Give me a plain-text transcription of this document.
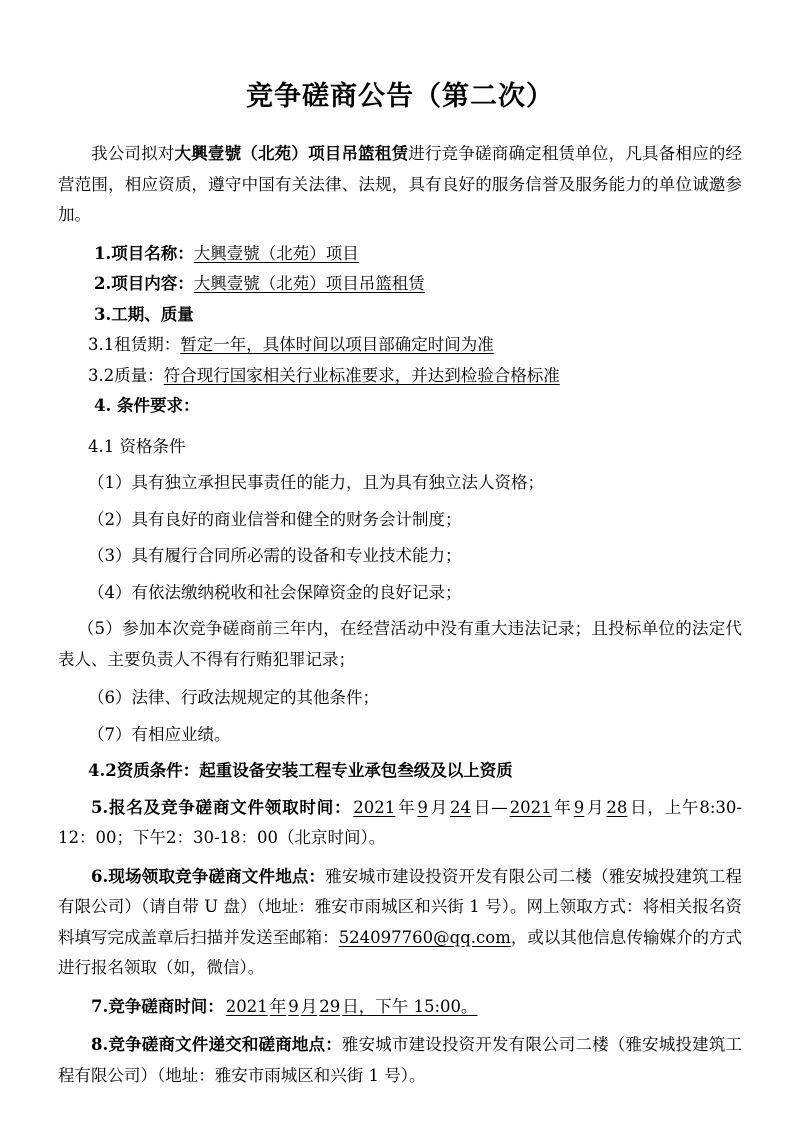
竞争磋商公告（第二次）

我公司拟对大興壹號（北苑）项目吊篮租赁进行竞争磋商确定租赁单位，凡具备相应的经营范围，相应资质，遵守中国有关法律、法规，具有良好的服务信誉及服务能力的单位诚邀参加。

1.项目名称：大興壹號（北苑）项目

2.项目内容：大興壹號（北苑）项目吊篮租赁

3.工期、质量

3.1租赁期：暂定一年，具体时间以项目部确定时间为准

3.2质量：符合现行国家相关行业标准要求，并达到检验合格标准

4. 条件要求：

4.1 资格条件

（1）具有独立承担民事责任的能力，且为具有独立法人资格；

（2）具有良好的商业信誉和健全的财务会计制度；

（3）具有履行合同所必需的设备和专业技术能力；

（4）有依法缴纳税收和社会保障资金的良好记录；

（5）参加本次竞争磋商前三年内，在经营活动中没有重大违法记录；且投标单位的法定代表人、主要负责人不得有行贿犯罪记录；

（6）法律、行政法规规定的其他条件；

（7）有相应业绩。

4.2资质条件：起重设备安装工程专业承包叁级及以上资质

5.报名及竞争磋商文件领取时间： 2021 年 9 月 24 日— 2021 年 9 月 28 日，上午8:30-12：00；下午2：30-18：00（北京时间）。

6.现场领取竞争磋商文件地点：雅安城市建设投资开发有限公司二楼（雅安城投建筑工程有限公司）（请自带 U 盘）（地址：雅安市雨城区和兴街 1 号）。网上领取方式：将相关报名资料填写完成盖章后扫描并发送至邮箱：524097760@qq.com，或以其他信息传输媒介的方式进行报名领取（如，微信）。

7.竞争磋商时间： 2021 年 9 月 29 日，下午 15:00。

8.竞争磋商文件递交和磋商地点：雅安城市建设投资开发有限公司二楼（雅安城投建筑工程有限公司）（地址：雅安市雨城区和兴街 1 号）。
